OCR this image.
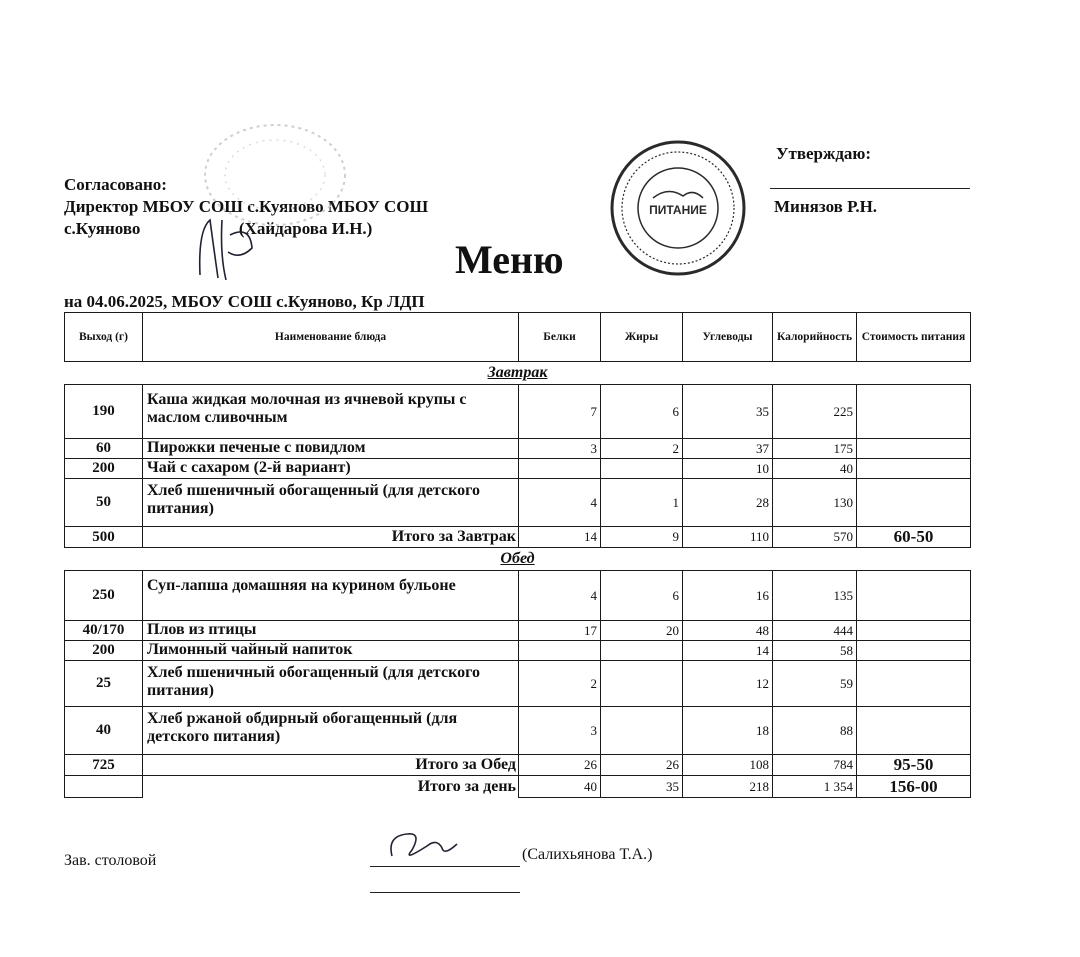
Согласовано:
Директор МБОУ СОШ с.Куяново МБОУ СОШ
с.Куяново	(Хайдарова И.Н.)
ПИТАНИЕ
Утверждаю:
Минязов Р.Н.
Меню
на 04.06.2025, МБОУ СОШ с.Куяново, Кр ЛДП
Выход (г)	Наименование блюда	Белки	Жиры	Углеводы	Калорийность	Стоимость питания
Завтрак						
190	Каша жидкая молочная из ячневой крупы с маслом сливочным	7	6	35	225	
60	Пирожки печеные с повидлом	3	2	37	175	
200	Чай с сахаром (2-й вариант)			10	40	
50	Хлеб пшеничный обогащенный (для детского питания)	4	1	28	130	
500	Итого за Завтрак	14	9	110	570	60-50
Обед						
250	Суп-лапша домашняя на курином бульоне	4	6	16	135	
40/170	Плов из птицы	17	20	48	444	
200	Лимонный чайный напиток			14	58	
25	Хлеб пшеничный обогащенный (для детского питания)	2		12	59	
40	Хлеб ржаной обдирный обогащенный (для детского питания)	3		18	88	
725	Итого за Обед	26	26	108	784	95-50
	Итого за день	40	35	218	1 354	156-00
Зав. столовой	(Салихьянова Т.А.)
